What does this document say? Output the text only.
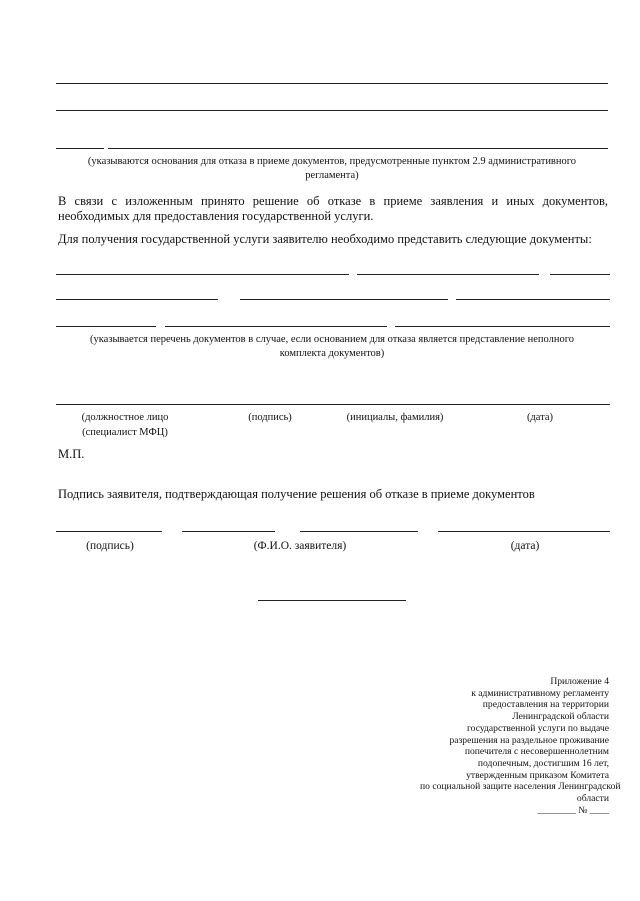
(указываются основания для отказа в приеме документов, предусмотренные пунктом 2.9 административного регламента)
В связи с изложенным принято решение об отказе в приеме заявления и иных документов, необходимых для предоставления государственной услуги.
Для получения государственной услуги заявителю необходимо представить следующие документы:
(указывается перечень документов в случае, если основанием для отказа является представление неполного комплекта документов)
(должностное лицо (специалист МФЦ)
(подпись)	(инициалы, фамилия)	(дата)
М.П.
Подпись заявителя, подтверждающая получение решения об отказе в приеме документов
(подпись)	(Ф.И.О. заявителя)	(дата)
Приложение 4
к административному регламенту
предоставления на территории
Ленинградской области
государственной услуги по выдаче
разрешения на раздельное проживание
попечителя с несовершеннолетним
подопечным, достигшим 16 лет,
утвержденным приказом Комитета
по социальной защите населения Ленинградской
области
________ № ____
